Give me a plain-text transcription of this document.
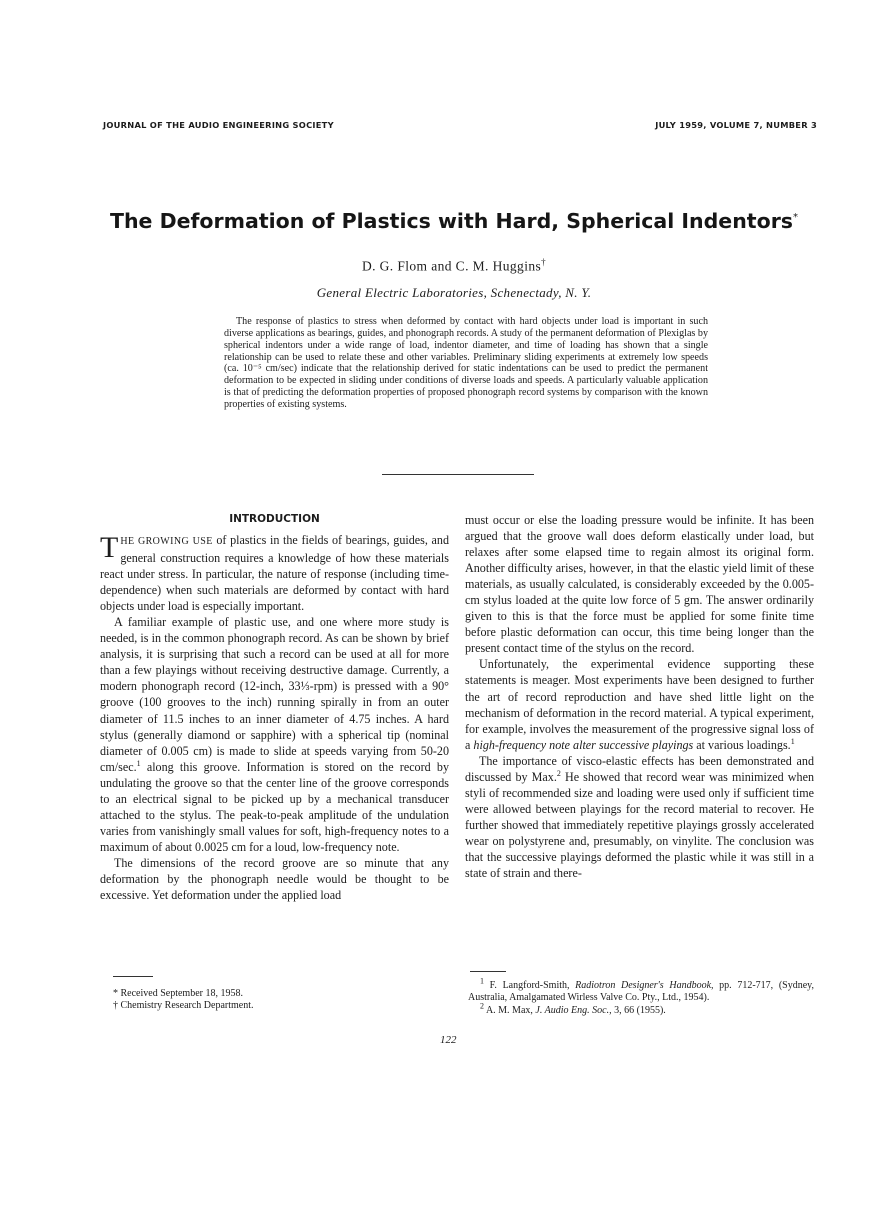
JOURNAL OF THE AUDIO ENGINEERING SOCIETY	JULY 1959, VOLUME 7, NUMBER 3
The Deformation of Plastics with Hard, Spherical Indentors*
D. G. Flom and C. M. Huggins†
General Electric Laboratories, Schenectady, N. Y.

The response of plastics to stress when deformed by contact with hard objects under load is important in such diverse applications as bearings, guides, and phonograph records. A study of the permanent deformation of Plexiglas by spherical indentors under a wide range of load, indentor diameter, and time of loading has shown that a single relationship can be used to relate these and other variables. Preliminary sliding experiments at extremely low speeds (ca. 10⁻⁵ cm/sec) indicate that the relationship derived for static indentations can be used to predict the permanent deformation to be expected in sliding under conditions of diverse loads and speeds. A particularly valuable application is that of predicting the deformation properties of proposed phonograph record systems by comparison with the known properties of existing systems.

INTRODUCTION

THE GROWING USE of plastics in the fields of bearings, guides, and general construction requires a knowledge of how these materials react under stress. In particular, the nature of response (including time-dependence) when such materials are deformed by contact with hard objects under load is especially important.

A familiar example of plastic use, and one where more study is needed, is in the common phonograph record. As can be shown by brief analysis, it is surprising that such a record can be used at all for more than a few playings without receiving destructive damage. Currently, a modern phonograph record (12-inch, 33⅓-rpm) is pressed with a 90° groove (100 grooves to the inch) running spirally in from an outer diameter of 11.5 inches to an inner diameter of 4.75 inches. A hard stylus (generally diamond or sapphire) with a spherical tip (nominal diameter of 0.005 cm) is made to slide at speeds varying from 50-20 cm/sec.$^1$ along this groove. Information is stored on the record by undulating the groove so that the center line of the groove corresponds to an electrical signal to be picked up by a mechanical transducer attached to the stylus. The peak-to-peak amplitude of the undulation varies from vanishingly small values for soft, high-frequency notes to a maximum of about 0.0025 cm for a loud, low-frequency note.

The dimensions of the record groove are so minute that any deformation by the phonograph needle would be thought to be excessive. Yet deformation under the applied load

must occur or else the loading pressure would be infinite. It has been argued that the groove wall does deform elastically under load, but relaxes after some elapsed time to regain almost its original form. Another difficulty arises, however, in that the elastic yield limit of these materials, as usually calculated, is considerably exceeded by the 0.005-cm stylus loaded at the quite low force of 5 gm. The answer ordinarily given to this is that the force must be applied for some finite time before plastic deformation can occur, this time being longer than the present contact time of the stylus on the record.

Unfortunately, the experimental evidence supporting these statements is meager. Most experiments have been designed to further the art of record reproduction and have shed little light on the mechanism of deformation in the record material. A typical experiment, for example, involves the measurement of the progressive signal loss of a high-frequency note alter successive playings at various loadings.$^1$

The importance of visco-elastic effects has been demonstrated and discussed by Max.$^2$ He showed that record wear was minimized when styli of recommended size and loading were used only if sufficient time were allowed between playings for the record material to recover. He further showed that immediately repetitive playings grossly accelerated wear on polystyrene and, presumably, on vinylite. The conclusion was that the successive playings deformed the plastic while it was still in a state of strain and there-

* Received September 18, 1958.

† Chemistry Research Department.

$^1$ F. Langford-Smith, Radiotron Designer's Handbook, pp. 712-717, (Sydney, Australia, Amalgamated Wirless Valve Co. Pty., Ltd., 1954).

$^2$ A. M. Max, J. Audio Eng. Soc., 3, 66 (1955).

122
